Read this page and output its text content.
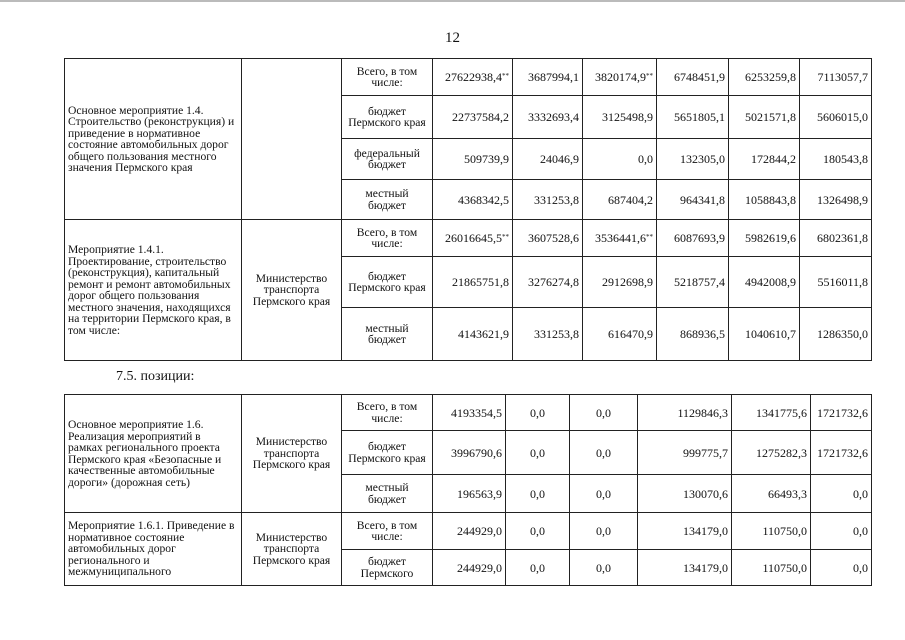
12
Основное мероприятие 1.4. Строительство (реконструкция) и приведение в нормативное состояние автомобильных дорог общего пользования местного значения Пермского края		Всего, в том числе:	27622938,4**	3687994,1	3820174,9**	6748451,9	6253259,8	7113057,7
		бюджет Пермского края	22737584,2	3332693,4	3125498,9	5651805,1	5021571,8	5606015,0
		федеральный бюджет	509739,9	24046,9	0,0	132305,0	172844,2	180543,8
		местный бюджет	4368342,5	331253,8	687404,2	964341,8	1058843,8	1326498,9
Мероприятие 1.4.1. Проектирование, строительство (реконструкция), капитальный ремонт и ремонт автомобильных дорог общего пользования местного значения, находящихся на территории Пермского края, в том числе:	Министерство транспорта Пермского края	Всего, в том числе:	26016645,5**	3607528,6	3536441,6**	6087693,9	5982619,6	6802361,8
		бюджет Пермского края	21865751,8	3276274,8	2912698,9	5218757,4	4942008,9	5516011,8
		местный бюджет	4143621,9	331253,8	616470,9	868936,5	1040610,7	1286350,0
7.5. позиции:
Основное мероприятие 1.6. Реализация мероприятий в рамках регионального проекта Пермского края «Безопасные и качественные автомобильные дороги» (дорожная сеть)	Министерство транспорта Пермского края	Всего, в том числе:	4193354,5	0,0	0,0	1129846,3	1341775,6	1721732,6
		бюджет Пермского края	3996790,6	0,0	0,0	999775,7	1275282,3	1721732,6
		местный бюджет	196563,9	0,0	0,0	130070,6	66493,3	0,0
Мероприятие 1.6.1. Приведение в нормативное состояние автомобильных дорог регионального и межмуниципального	Министерство транспорта Пермского края	Всего, в том числе:	244929,0	0,0	0,0	134179,0	110750,0	0,0
		бюджет Пермского	244929,0	0,0	0,0	134179,0	110750,0	0,0
